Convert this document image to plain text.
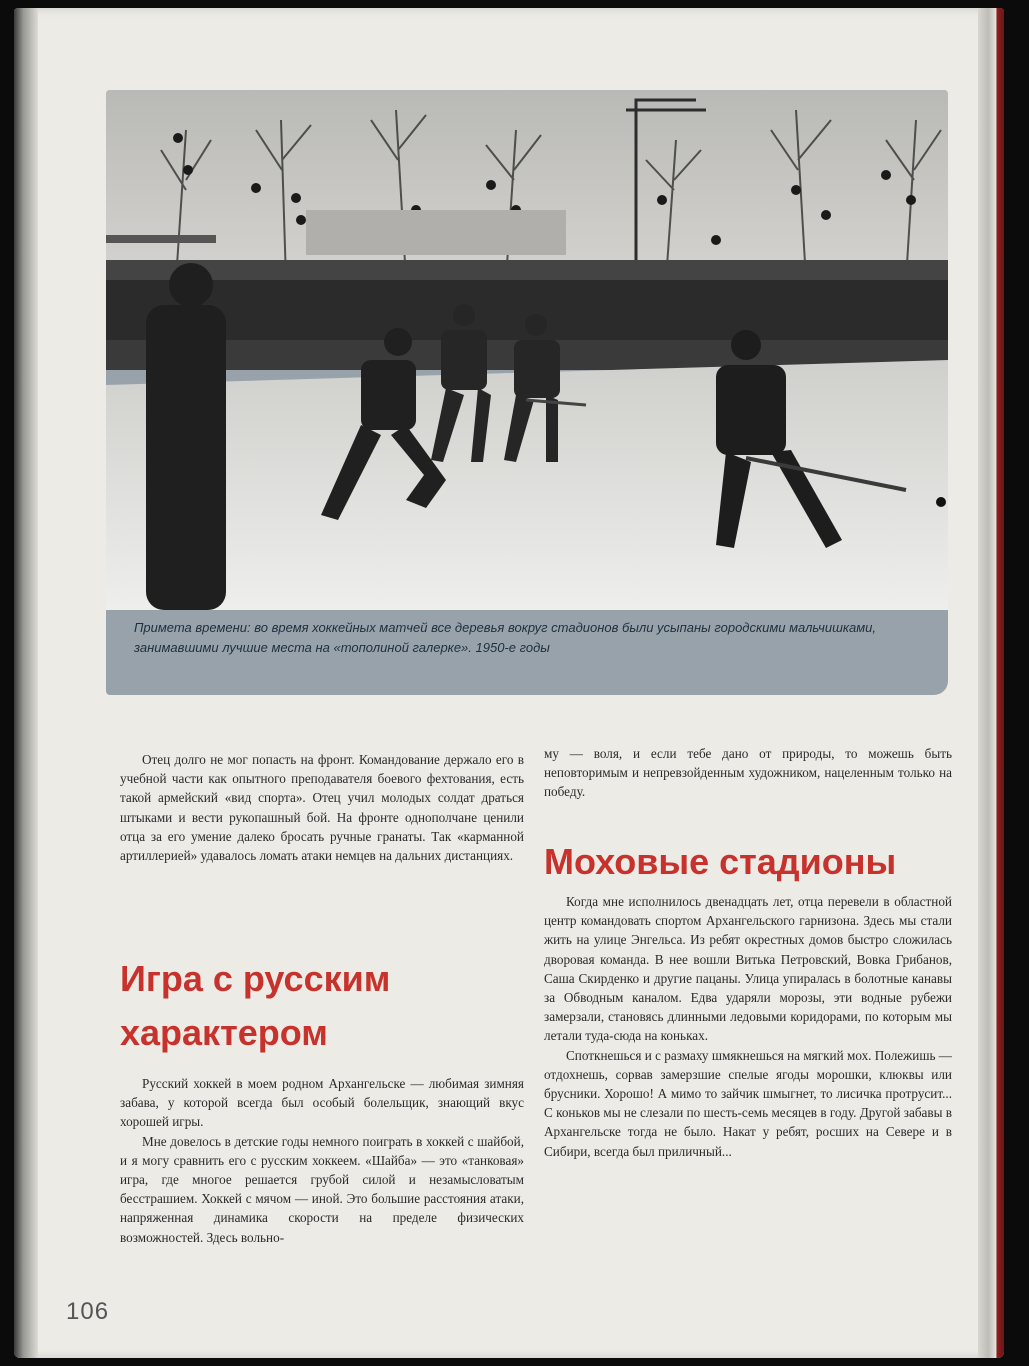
Примета времени: во время хоккейных матчей все деревья вокруг стадионов были усыпаны городскими мальчишками, занимавшими лучшие места на «тополиной галерке». 1950-е годы

Отец долго не мог попасть на фронт. Командование держало его в учебной части как опытного преподавателя боевого фехтования, есть такой армейский «вид спорта». Отец учил молодых солдат драться штыками и вести рукопашный бой. На фронте однополчане ценили отца за его умение далеко бросать ручные гранаты. Так «карманной артиллерией» удавалось ломать атаки немцев на дальних дистанциях.

Игра с русским характером

Русский хоккей в моем родном Архангельске — любимая зимняя забава, у которой всегда был особый болельщик, знающий вкус хорошей игры.

Мне довелось в детские годы немного поиграть в хоккей с шайбой, и я могу сравнить его с русским хоккеем. «Шайба» — это «танковая» игра, где многое решается грубой силой и незамысловатым бесстрашием. Хоккей с мячом — иной. Это большие расстояния атаки, напряженная динамика скорости на пределе физических возможностей. Здесь вольно-

му — воля, и если тебе дано от природы, то можешь быть неповторимым и непревзойденным художником, нацеленным только на победу.

Моховые стадионы

Когда мне исполнилось двенадцать лет, отца перевели в областной центр командовать спортом Архангельского гарнизона. Здесь мы стали жить на улице Энгельса. Из ребят окрестных домов быстро сложилась дворовая команда. В нее вошли Витька Петровский, Вовка Грибанов, Саша Скирденко и другие пацаны. Улица упиралась в болотные канавы за Обводным каналом. Едва ударяли морозы, эти водные рубежи замерзали, становясь длинными ледовыми коридорами, по которым мы летали туда-сюда на коньках.

Споткнешься и с размаху шмякнешься на мягкий мох. Полежишь — отдохнешь, сорвав замерзшие спелые ягоды морошки, клюквы или брусники. Хорошо! А мимо то зайчик шмыгнет, то лисичка протрусит... С коньков мы не слезали по шесть-семь месяцев в году. Другой забавы в Архангельске тогда не было. Накат у ребят, росших на Севере и в Сибири, всегда был приличный...

106
